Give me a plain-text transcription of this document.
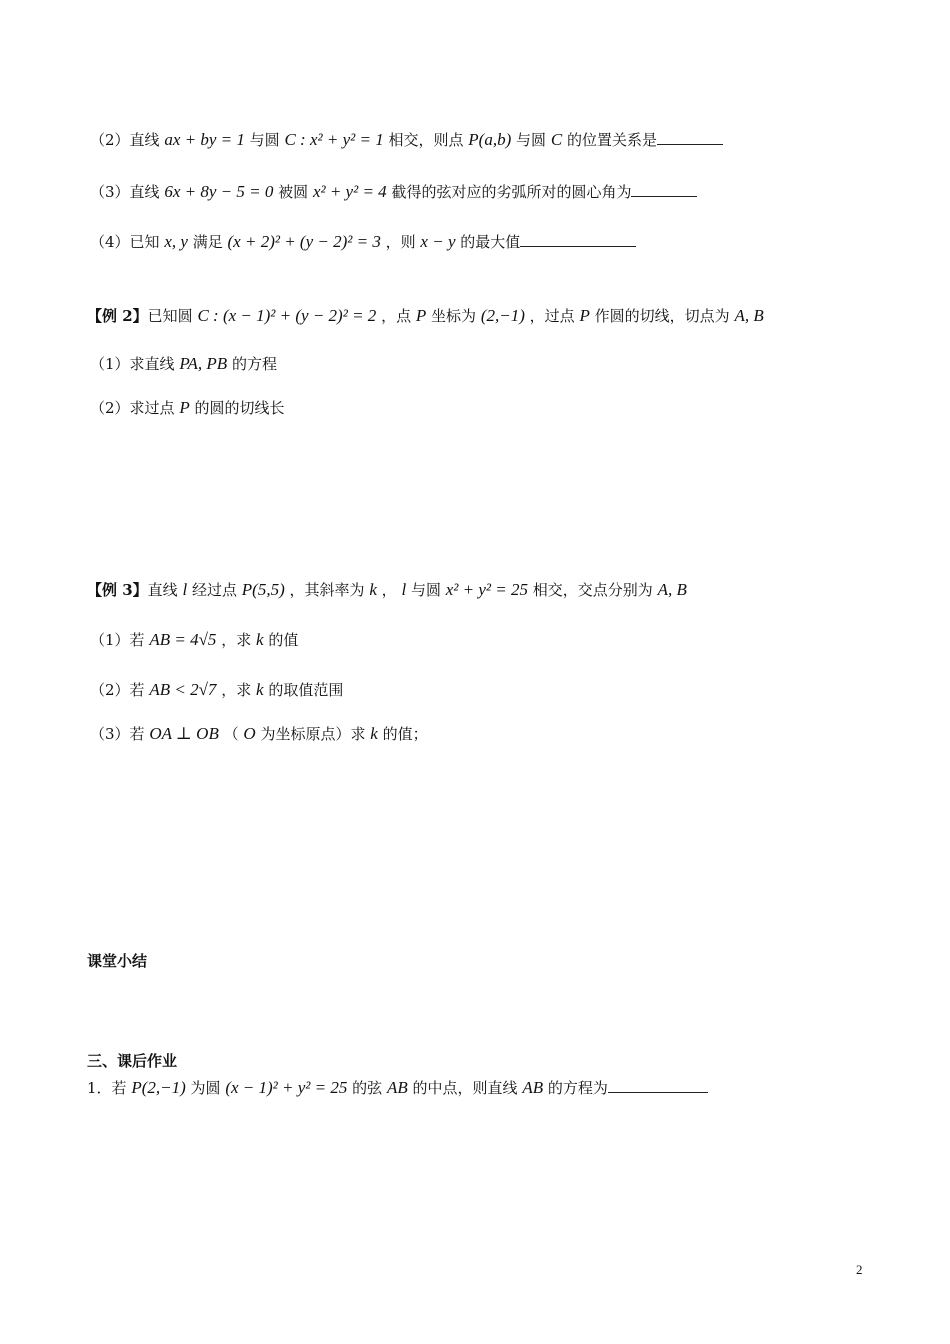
（2）直线 ax + by = 1 与圆 C : x² + y² = 1 相交，则点 P(a,b) 与圆 C 的位置关系是
（3）直线 6x + 8y − 5 = 0 被圆 x² + y² = 4 截得的弦对应的劣弧所对的圆心角为
（4）已知 x, y 满足 (x + 2)² + (y − 2)² = 3 ，则 x − y 的最大值
【例 2】已知圆 C : (x − 1)² + (y − 2)² = 2 ，点 P 坐标为 (2,−1) ，过点 P 作圆的切线，切点为 A, B
（1）求直线 PA, PB 的方程
（2）求过点 P 的圆的切线长
【例 3】直线 l 经过点 P(5,5) ，其斜率为 k ， l 与圆 x² + y² = 25 相交，交点分别为 A, B
（1）若 AB = 4√5 ，求 k 的值
（2）若 AB < 2√7 ，求 k 的取值范围
（3）若 OA ⊥ OB （ O 为坐标原点）求 k 的值；
课堂小结
三、课后作业
1．若 P(2,−1) 为圆 (x − 1)² + y² = 25 的弦 AB 的中点，则直线 AB 的方程为
2
